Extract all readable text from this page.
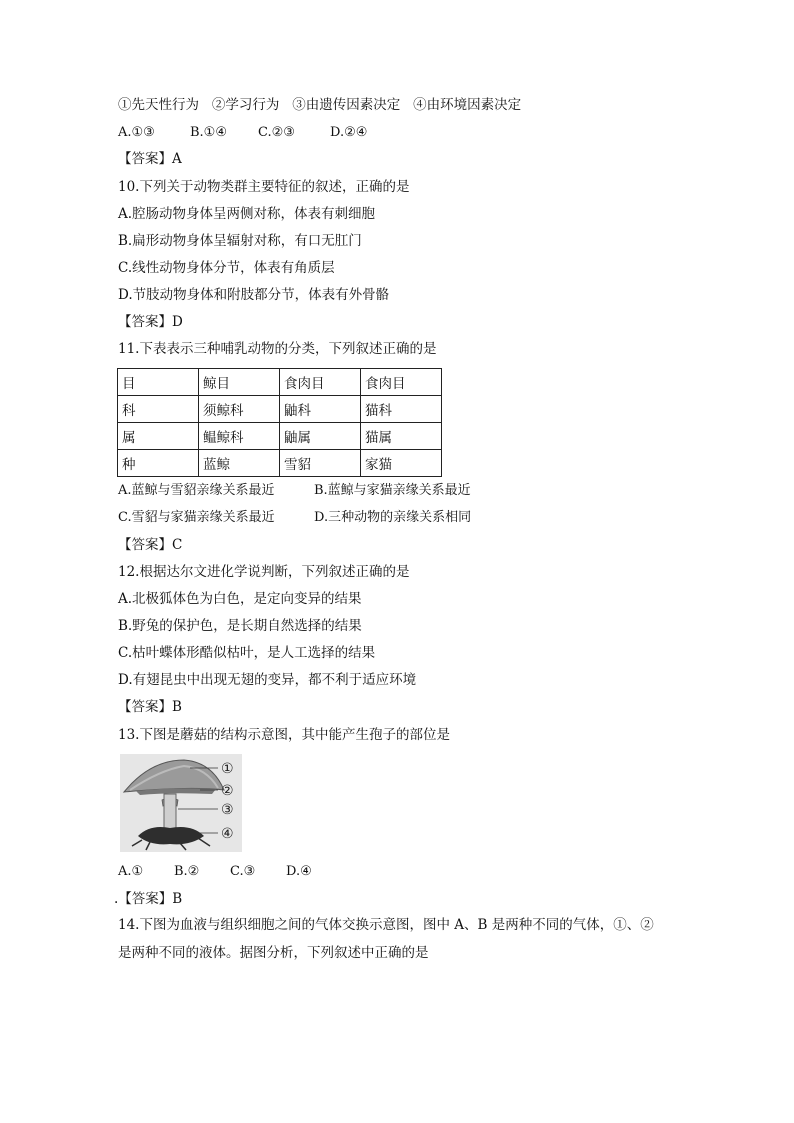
①先天性行为   ②学习行为   ③由遗传因素决定   ④由环境因素决定
A.①③	B.①④ C.②③	D.②④
【答案】A
10.下列关于动物类群主要特征的叙述，正确的是
A.腔肠动物身体呈两侧对称，体表有刺细胞
B.扁形动物身体呈辐射对称，有口无肛门
C.线性动物身体分节，体表有角质层
D.节肢动物身体和附肢都分节，体表有外骨骼
【答案】D
11.下表表示三种哺乳动物的分类，下列叙述正确的是
目	鲸目	食肉目	食肉目
科	须鲸科	鼬科	猫科
属	鳁鲸科	鼬属	猫属
种	蓝鲸	雪貂	家猫
A.蓝鲸与雪貂亲缘关系最近	B.蓝鲸与家猫亲缘关系最近
C.雪貂与家猫亲缘关系最近	D.三种动物的亲缘关系相同
【答案】C
12.根据达尔文进化学说判断，下列叙述正确的是
A.北极狐体色为白色，是定向变异的结果
B.野兔的保护色，是长期自然选择的结果
C.枯叶蝶体形酷似枯叶，是人工选择的结果
D.有翅昆虫中出现无翅的变异，都不利于适应环境
【答案】B
13.下图是蘑菇的结构示意图，其中能产生孢子的部位是
①
②
③
④
A.① B.② C.③ D.④
.【答案】B
14.下图为血液与组织细胞之间的气体交换示意图，图中 A、B 是两种不同的气体，①、②
是两种不同的液体。据图分析，下列叙述中正确的是
